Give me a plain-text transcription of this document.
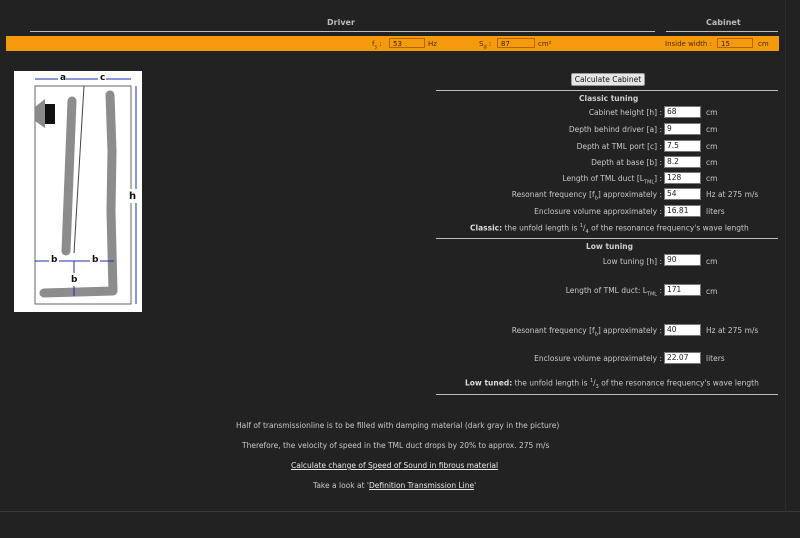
Driver	Cabinet
$f_s$ :	53	Hz	$S_d$ :	87	cm²	Inside width :	15	cm
a	c
h
b	b
b
Calculate Cabinet
Classic tuning
Cabinet height [h] : 68	cm
Depth behind driver [a] : 9	cm
Depth at TML port [c] : 7.5	cm
Depth at base [b] : 8.2	cm
Length of TML duct $[L_{TML}]$ : 128	cm
Resonant frequency $[f_b]$ approximately : 54	Hz at 275 m/s
Enclosure volume approximately : 16.81	liters
Classic: the unfold length is $^1/_4$ of the resonance frequency's wave length
Low tuning
Low tuning [h] : 90	cm
Length of TML duct: $L_{TML}$ : 171	cm
Resonant frequency $[f_b]$ approximately : 40	Hz at 275 m/s
Enclosure volume approximately : 22.07	liters
Low tuned: the unfold length is $^1/_3$ of the resonance frequency's wave length
Half of transmissionline is to be filled with damping material (dark gray in the picture)
Therefore, the velocity of speed in the TML duct drops by 20% to approx. 275 m/s
Calculate change of Speed of Sound in fibrous material
Take a look at 'Definition Transmission Line'
